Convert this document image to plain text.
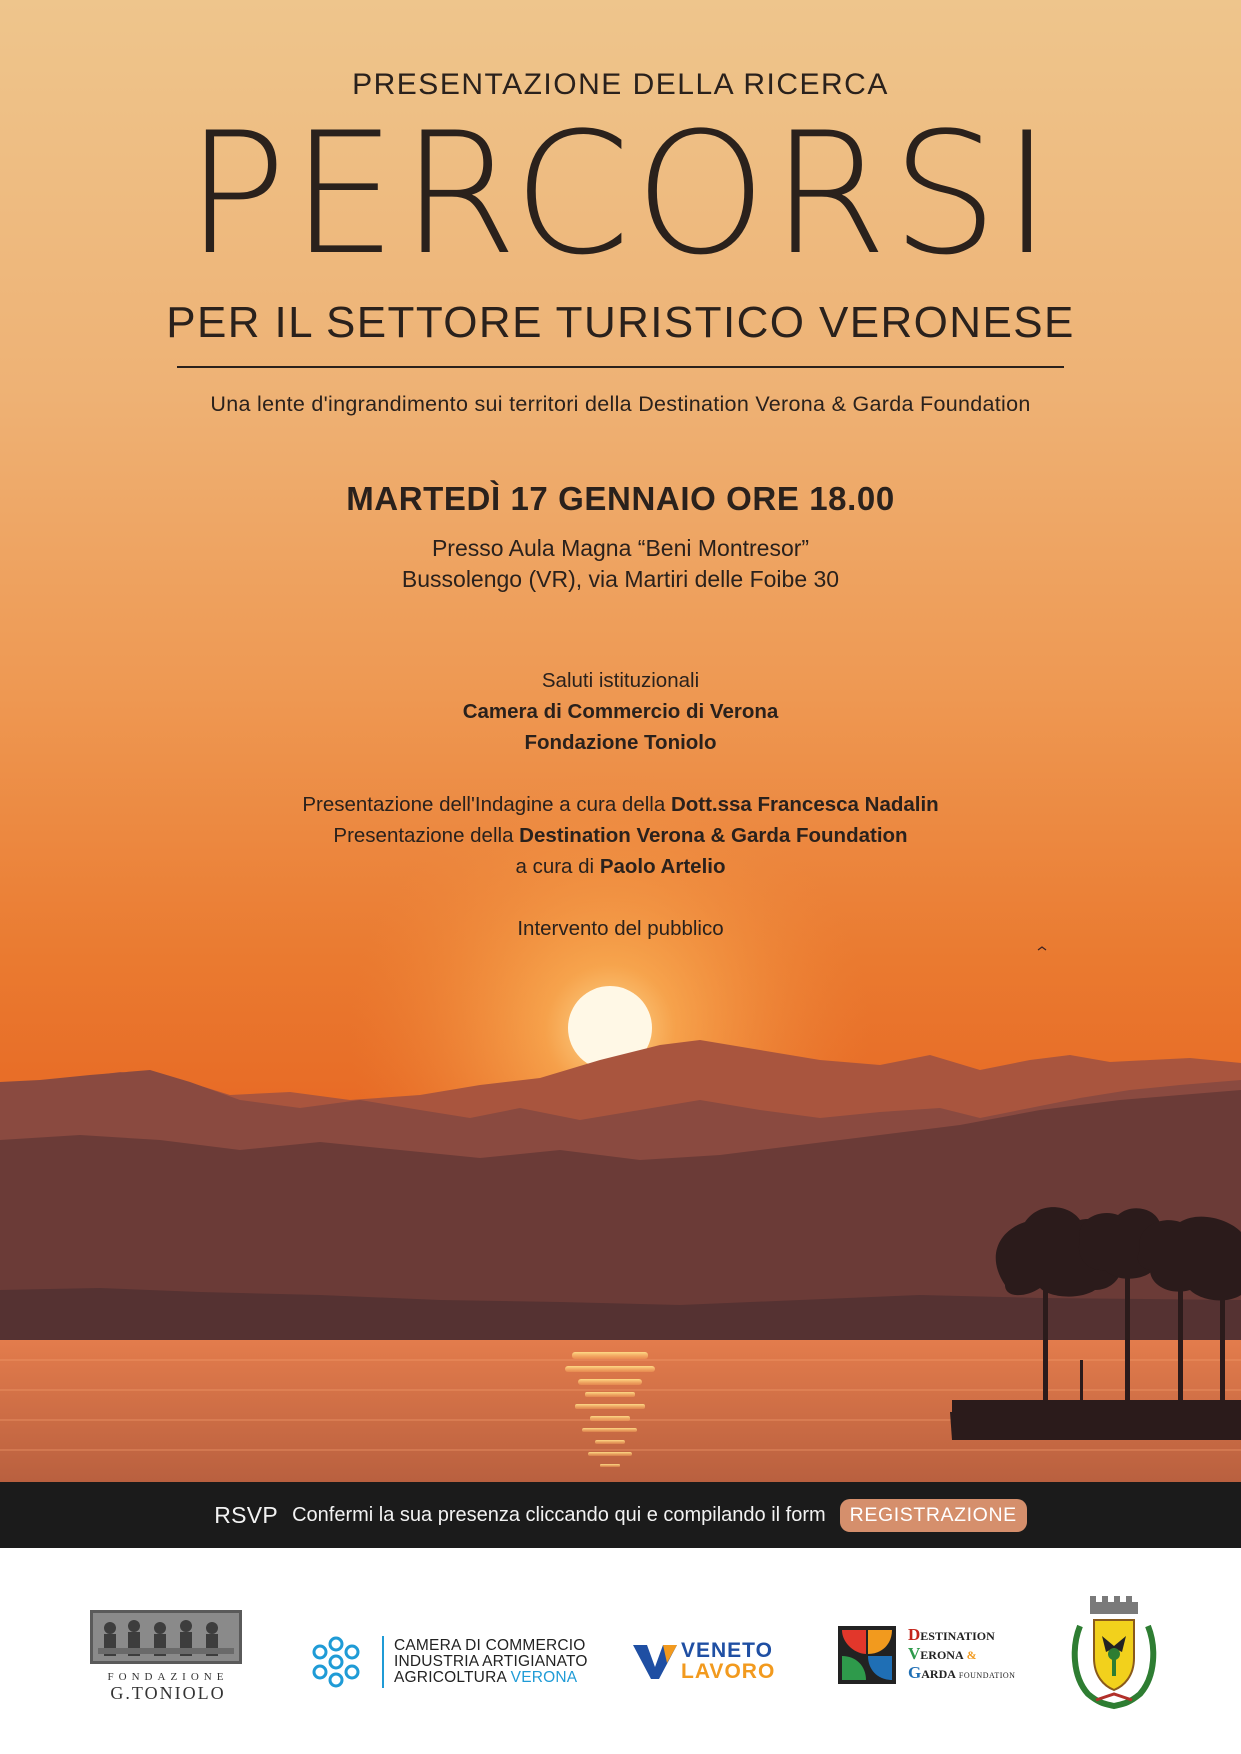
PRESENTAZIONE DELLA RICERCA
PERCORSI
PER IL SETTORE TURISTICO VERONESE
Una lente d'ingrandimento sui territori della Destination Verona & Garda Foundation
MARTEDÌ 17 GENNAIO ORE 18.00
Presso Aula Magna “Beni Montresor”
Bussolengo (VR), via Martiri delle Foibe 30
Saluti istituzionali
Camera di Commercio di Verona
Fondazione Toniolo
Presentazione dell'Indagine a cura della Dott.ssa Francesca Nadalin
Presentazione della Destination Verona & Garda Foundation
a cura di Paolo Artelio
Intervento del pubblico
RSVP Confermi la sua presenza cliccando qui e compilando il form	REGISTRAZIONE
FONDAZIONE
G.TONIOLO
CAMERA DI COMMERCIO
INDUSTRIA ARTIGIANATO
AGRICOLTURA VERONA
VENETO
LAVORO
DESTINATION
VERONA &
GARDA FOUNDATION
